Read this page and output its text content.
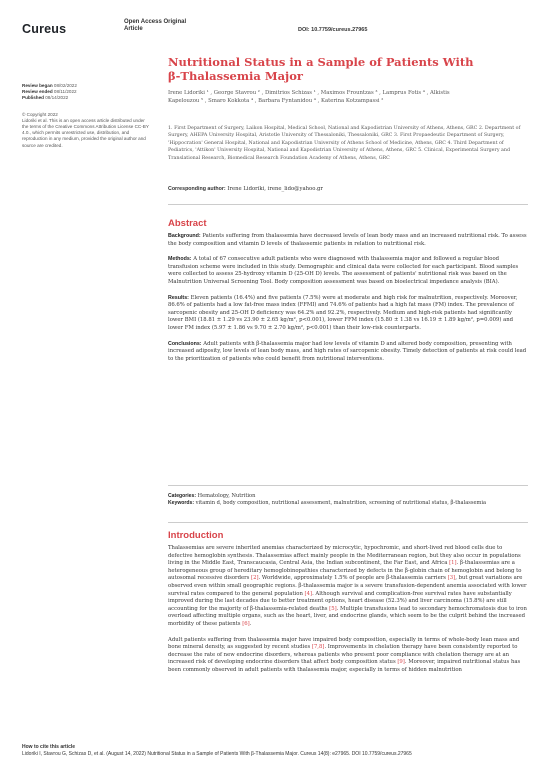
Cureus	Open Access Original
Article	DOI: 10.7759/cureus.27965

Review began 08/02/2022

Review ended 08/11/2022

Published 08/14/2022

© Copyright 2022

Lidoriki et al. This is an open access article distributed under the terms of the Creative Commons Attribution License CC-BY 4.0., which permits unrestricted use, distribution, and reproduction in any medium, provided the original author and source are credited.

Nutritional Status in a Sample of Patients With
β-Thalassemia Major
Irene Lidoriki ¹ , George Stavrou ² , Dimitrios Schizas ¹ , Maximos Frountzas ³ , Lamprus Fotis ⁴ , Alkistis
Kapelouzou ⁵ , Smaro Kokkota ⁴ , Barbara Fyntanidou ⁴ , Katerina Kotzampassi ²
1. First Department of Surgery, Laikon Hospital, Medical School, National and Kapodistrian University of Athens, Athens, GRC 2. Department of Surgery, AHEPA University Hospital, Aristotle University of Thessaloniki, Thessaloniki, GRC 3. First Propaedeutic Department of Surgery, 'Hippocration' General Hospital, National and Kapodistrian University of Athens School of Medicine, Athens, GRC 4. Third Department of Pediatrics, 'Attikon' University Hospital, National and Kapodistrian University of Athens, Athens, GRC 5. Clinical, Experimental Surgery and Translational Research, Biomedical Research Foundation Academy of Athens, Athens, GRC
Corresponding author: Irene Lidoriki, irene_lido@yahoo.gr
Abstract

Background: Patients suffering from thalassemia have decreased levels of lean body mass and an increased nutritional risk. To assess the body composition and vitamin D levels of thalassemic patients in relation to nutritional risk.

Methods: A total of 67 consecutive adult patients who were diagnosed with thalassemia major and followed a regular blood transfusion scheme were included in this study. Demographic and clinical data were collected for each participant. Blood samples were collected to assess 25-hydroxy vitamin D (25-OH D) levels. The assessment of patients' nutritional risk was based on the Malnutrition Universal Screening Tool. Body composition assessment was based on bioelectrical impedance analysis (BIA).

Results: Eleven patients (16.4%) and five patients (7.5%) were at moderate and high risk for malnutrition, respectively. Moreover, 86.6% of patients had a low fat-free mass index (FFMI) and 74.6% of patients had a high fat mass (FM) index. The prevalence of sarcopenic obesity and 25-OH D deficiency was 64.2% and 92.2%, respectively. Medium and high-risk patients had significantly lower BMI (18.81 ± 1.29 vs 23.90 ± 2.65 kg/m², p<0.001), lower FFM index (15.80 ± 1.38 vs 16.19 ± 1.89 kg/m², p=0.009) and lower FM index (5.97 ± 1.86 vs 9.70 ± 2.70 kg/m², p<0.001) than their low-risk counterparts.

Conclusions: Adult patients with β-thalassemia major had low levels of vitamin D and altered body composition, presenting with increased adiposity, low levels of lean body mass, and high rates of sarcopenic obesity. Timely detection of patients at risk could lead to the prioritization of patients who could benefit from nutritional interventions.

Categories: Hematology, Nutrition
Keywords: vitamin d, body composition, nutritional assessment, malnutrition, screening of nutritional status, β-thalassemia
Introduction

Thalassemias are severe inherited anemias characterized by microcytic, hypochromic, and short-lived red blood cells due to defective hemoglobin synthesis. Thalassemias affect mainly people in the Mediterranean region, but they also occur in populations living in the Middle East, Transcaucasia, Central Asia, the Indian subcontinent, the Far East, and Africa [1]. β-thalassemias are a heterogeneous group of hereditary hemoglobinopathies characterized by defects in the β-globin chain of hemoglobin and belong to autosomal recessive disorders [2]. Worldwide, approximately 1.5% of people are β-thalassemia carriers [3], but great variations are observed even within small geographic regions. β-thalassemia major is a severe transfusion-dependent anemia associated with lower survival rates compared to the general population [4]. Although survival and complication-free survival rates have substantially improved during the last decades due to better treatment options, heart disease (52.3%) and liver carcinoma (15.8%) are still accounting for the majority of β-thalassemia-related deaths [5]. Multiple transfusions lead to secondary hemochromatosis due to iron overload affecting multiple organs, such as the heart, liver, and endocrine glands, which seem to be the culprit behind the increased morbidity of these patients [6].

Adult patients suffering from thalassemia major have impaired body composition, especially in terms of whole-body lean mass and bone mineral density, as suggested by recent studies [7,8]. Improvements in chelation therapy have been consistently reported to decrease the rate of new endocrine disorders, whereas patients who present poor compliance with chelation therapy are at an increased risk of developing endocrine disorders that affect body composition status [9]. Moreover, impaired nutritional status has been commonly observed in adult patients with thalassemia major, especially in terms of hidden malnutrition

How to cite this article
Lidoriki I, Stavrou G, Schizas D, et al. (August 14, 2022) Nutritional Status in a Sample of Patients With β-Thalassemia Major. Cureus 14(8): e27965. DOI 10.7759/cureus.27965
